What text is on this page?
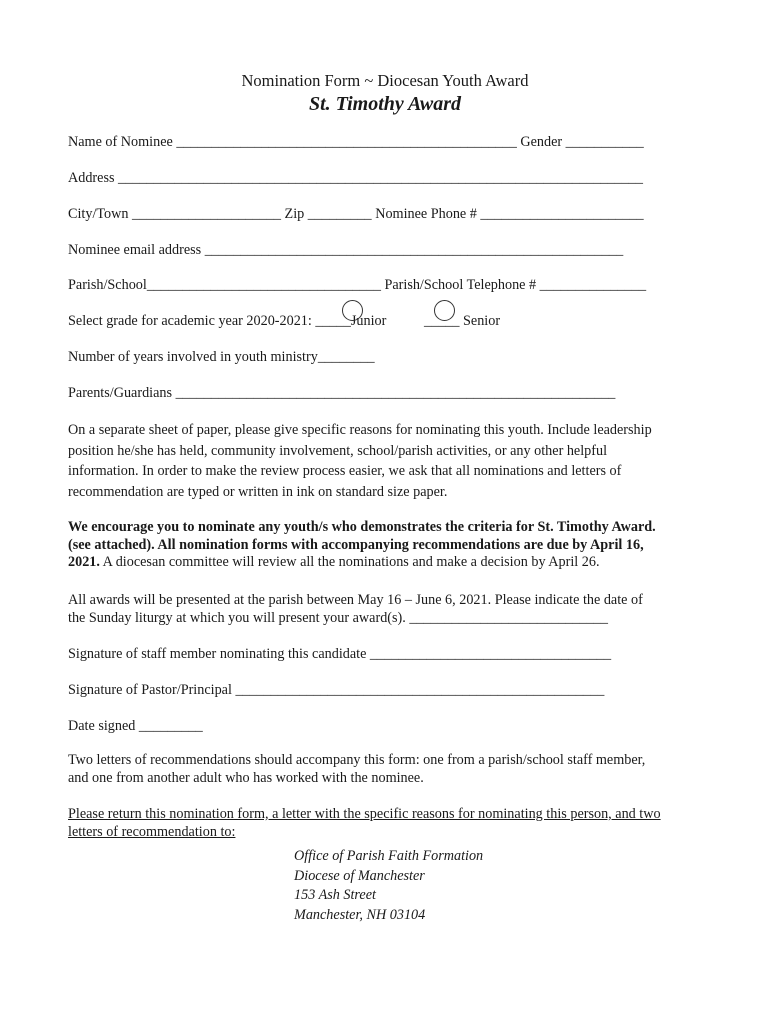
Nomination Form ~ Diocesan Youth Award
St. Timothy Award
Name of Nominee ________________________________________________ Gender ___________
Address __________________________________________________________________________
City/Town _____________________ Zip _________ Nominee Phone # _______________________
Nominee email address ___________________________________________________________
Parish/School_________________________________ Parish/School Telephone # _______________
Select grade for academic year 2020-2021: _____Junior	_____ Senior
Number of years involved in youth ministry________
Parents/Guardians ______________________________________________________________
On a separate sheet of paper, please give specific reasons for nominating this youth. Include leadership
position he/she has held, community involvement, school/parish activities, or any other helpful
information. In order to make the review process easier, we ask that all nominations and letters of
recommendation are typed or written in ink on standard size paper.
We encourage you to nominate any youth/s who demonstrates the criteria for St. Timothy Award.
(see attached). All nomination forms with accompanying recommendations are due by April 16,
2021. A diocesan committee will review all the nominations and make a decision by April 26.
All awards will be presented at the parish between May 16 – June 6, 2021. Please indicate the date of
the Sunday liturgy at which you will present your award(s). ____________________________
Signature of staff member nominating this candidate __________________________________
Signature of Pastor/Principal ____________________________________________________
Date signed _________
Two letters of recommendations should accompany this form: one from a parish/school staff member,
and one from another adult who has worked with the nominee.
Please return this nomination form, a letter with the specific reasons for nominating this person, and two
letters of recommendation to:
Office of Parish Faith Formation
Diocese of Manchester
153 Ash Street
Manchester, NH 03104
